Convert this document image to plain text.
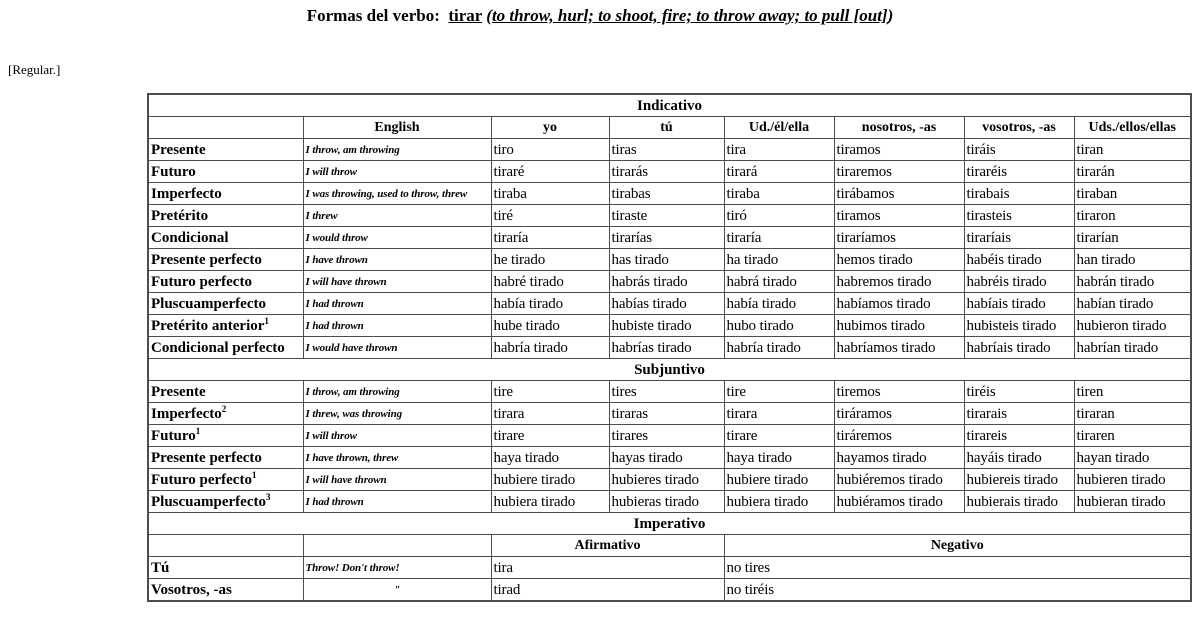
Formas del verbo: tirar (to throw, hurl; to shoot, fire; to throw away; to pull [out])
[Regular.]
Indicativo							
	English	yo	tú	Ud./él/ella	nosotros, -as	vosotros, -as	Uds./ellos/ellas
Presente	I throw, am throwing	tiro	tiras	tira	tiramos	tiráis	tiran
Futuro	I will throw	tiraré	tirarás	tirará	tiraremos	tiraréis	tirarán
Imperfecto	I was throwing, used to throw, threw	tiraba	tirabas	tiraba	tirábamos	tirabais	tiraban
Pretérito	I threw	tiré	tiraste	tiró	tiramos	tirasteis	tiraron
Condicional	I would throw	tiraría	tirarías	tiraría	tiraríamos	tiraríais	tirarían
Presente perfecto	I have thrown	he tirado	has tirado	ha tirado	hemos tirado	habéis tirado	han tirado
Futuro perfecto	I will have thrown	habré tirado	habrás tirado	habrá tirado	habremos tirado	habréis tirado	habrán tirado
Pluscuamperfecto	I had thrown	había tirado	habías tirado	había tirado	habíamos tirado	habíais tirado	habían tirado
Pretérito anterior$^1$	I had thrown	hube tirado	hubiste tirado	hubo tirado	hubimos tirado	hubisteis tirado	hubieron tirado
Condicional perfecto	I would have thrown	habría tirado	habrías tirado	habría tirado	habríamos tirado	habríais tirado	habrían tirado
Subjuntivo							
Presente	I throw, am throwing	tire	tires	tire	tiremos	tiréis	tiren
Imperfecto$^2$	I threw, was throwing	tirara	tiraras	tirara	tiráramos	tirarais	tiraran
Futuro$^1$	I will throw	tirare	tirares	tirare	tiráremos	tirareis	tiraren
Presente perfecto	I have thrown, threw	haya tirado	hayas tirado	haya tirado	hayamos tirado	hayáis tirado	hayan tirado
Futuro perfecto$^1$	I will have thrown	hubiere tirado	hubieres tirado	hubiere tirado	hubiéremos tirado	hubiereis tirado	hubieren tirado
Pluscuamperfecto$^3$	I had thrown	hubiera tirado	hubieras tirado	hubiera tirado	hubiéramos tirado	hubierais tirado	hubieran tirado
Imperativo							
		Afirmativo		Negativo			
Tú	Throw! Don't throw!	tira		no tires			
Vosotros, -as	"	tirad		no tiréis			
